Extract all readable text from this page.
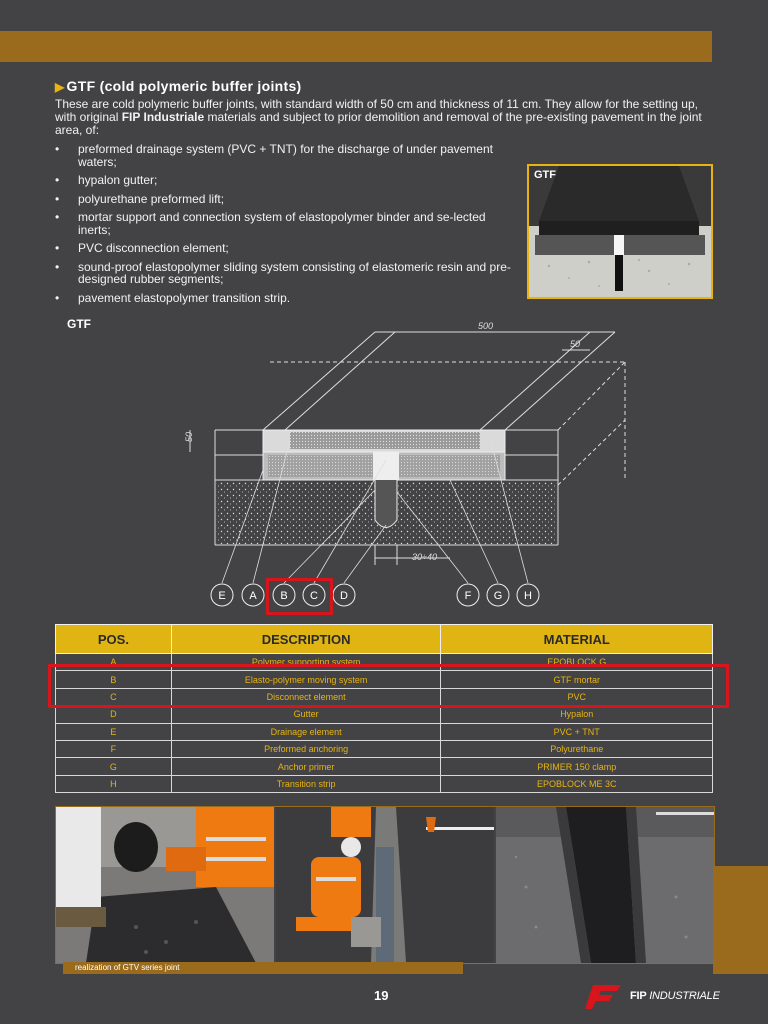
▶ GTF (cold polymeric buffer joints)
These are cold polymeric buffer joints, with standard width of 50 cm and thickness of 11 cm. They allow for the setting up, with original FIP Industriale materials and subject to prior demolition and removal of the pre-existing pavement in the joint area, of:
• preformed drainage system (PVC + TNT) for the discharge of under pavement waters;
• hypalon gutter;
• polyurethane preformed lift;
• mortar support and connection system of elastopolymer binder and se-lected inerts;
• PVC disconnection element;
• sound-proof elastopolymer sliding system consisting of elastomeric resin and pre-designed rubber segments;
• pavement elastopolymer transition strip.
GTF
GTF	500
50
50
30÷40
E A B C D	F G H
POS.	DESCRIPTION	MATERIAL
A	Polymer supporting system	EPOBLOCK G
B	Elasto-polymer moving system	GTF mortar
C	Disconnect element	PVC
D	Gutter	Hypalon
E	Drainage element	PVC + TNT
F	Preformed anchoring	Polyurethane
G	Anchor primer	PRIMER 150 clamp
H	Transition strip	EPOBLOCK ME 3C
realization of GTV series joint
19	FIP INDUSTRIALE
